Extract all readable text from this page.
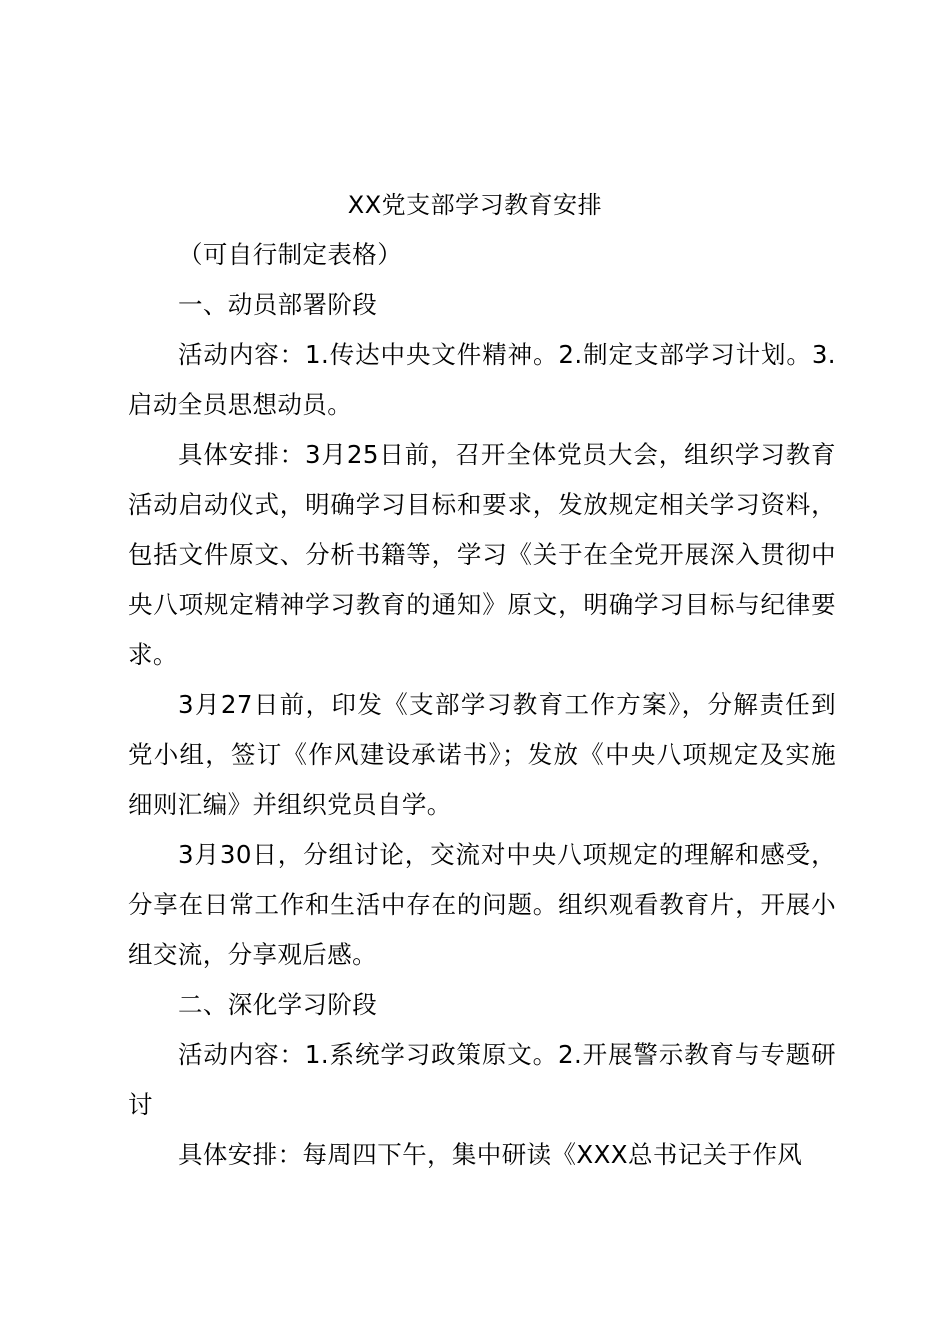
XX党支部学习教育安排

（可自行制定表格）

一、动员部署阶段

活动内容：1.传达中央文件精神。2.制定支部学习计划。3.启动全员思想动员。

具体安排：3月25日前，召开全体党员大会，组织学习教育活动启动仪式，明确学习目标和要求，发放规定相关学习资料，包括文件原文、分析书籍等，学习《关于在全党开展深入贯彻中央八项规定精神学习教育的通知》原文，明确学习目标与纪律要求。

3月27日前，印发《支部学习教育工作方案》，分解责任到党小组，签订《作风建设承诺书》；发放《中央八项规定及实施细则汇编》并组织党员自学。

3月30日，分组讨论，交流对中央八项规定的理解和感受，分享在日常工作和生活中存在的问题。组织观看教育片，开展小组交流，分享观后感。

二、深化学习阶段

活动内容：1.系统学习政策原文。2.开展警示教育与专题研讨

具体安排：每周四下午，集中研读《XXX总书记关于作风
